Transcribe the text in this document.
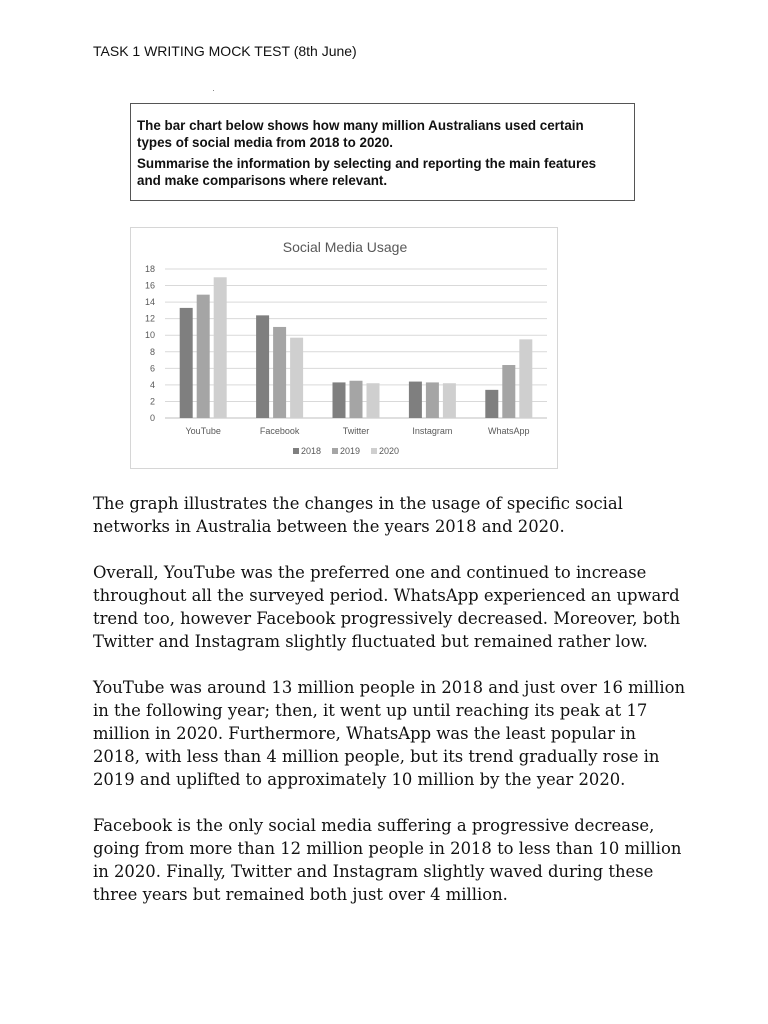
TASK 1 WRITING MOCK TEST (8th June)

The bar chart below shows how many million Australians used certain
types of social media from 2018 to 2020.

Summarise the information by selecting and reporting the main features
and make comparisons where relevant.

Social Media Usage
0
2
4
6
8
10
12
14
16
18
YouTube	Facebook	Twitter	Instagram	WhatsApp
2018 2019 2020

The graph illustrates the changes in the usage of specific social
networks in Australia between the years 2018 and 2020.

Overall, YouTube was the preferred one and continued to increase
throughout all the surveyed period. WhatsApp experienced an upward
trend too, however Facebook progressively decreased. Moreover, both
Twitter and Instagram slightly fluctuated but remained rather low.

YouTube was around 13 million people in 2018 and just over 16 million
in the following year; then, it went up until reaching its peak at 17
million in 2020. Furthermore, WhatsApp was the least popular in
2018, with less than 4 million people, but its trend gradually rose in
2019 and uplifted to approximately 10 million by the year 2020.

Facebook is the only social media suffering a progressive decrease,
going from more than 12 million people in 2018 to less than 10 million
in 2020. Finally, Twitter and Instagram slightly waved during these
three years but remained both just over 4 million.
